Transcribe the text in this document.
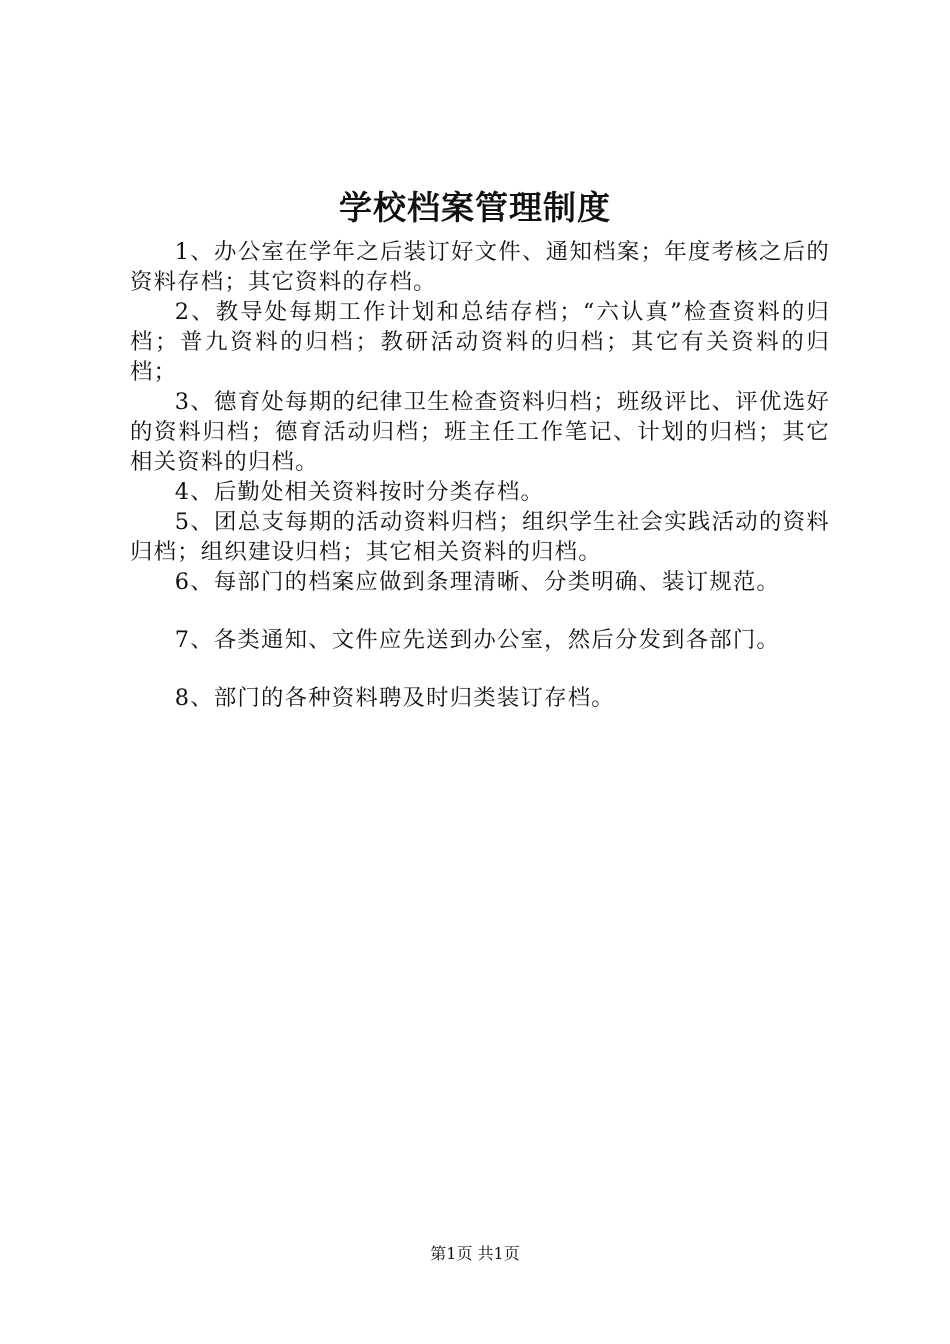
学校档案管理制度

1、办公室在学年之后装订好文件、通知档案；年度考核之后的资料存档；其它资料的存档。

2、教导处每期工作计划和总结存档；“六认真”检查资料的归档；普九资料的归档；教研活动资料的归档；其它有关资料的归档；

3、德育处每期的纪律卫生检查资料归档；班级评比、评优选好的资料归档；德育活动归档；班主任工作笔记、计划的归档；其它相关资料的归档。

4、后勤处相关资料按时分类存档。

5、团总支每期的活动资料归档；组织学生社会实践活动的资料归档；组织建设归档；其它相关资料的归档。

6、每部门的档案应做到条理清晰、分类明确、装订规范。

7、各类通知、文件应先送到办公室，然后分发到各部门。

8、部门的各种资料聘及时归类装订存档。

第1页 共1页
